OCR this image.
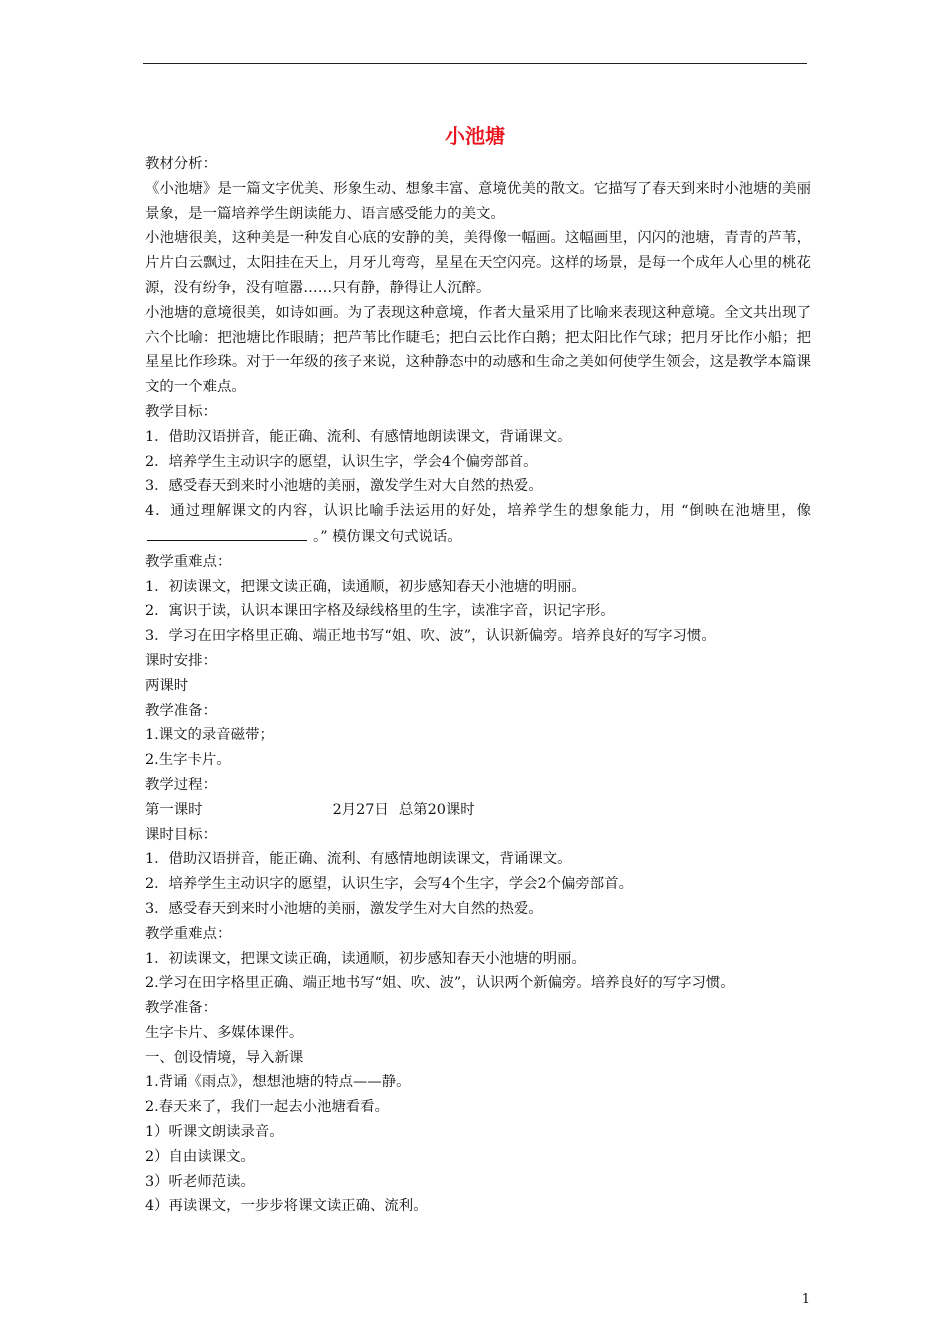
小池塘

教材分析：

《小池塘》是一篇文字优美、形象生动、想象丰富、意境优美的散文。它描写了春天到来时小池塘的美丽景象，是一篇培养学生朗读能力、语言感受能力的美文。

小池塘很美，这种美是一种发自心底的安静的美，美得像一幅画。这幅画里，闪闪的池塘，青青的芦苇，片片白云飘过，太阳挂在天上，月牙儿弯弯，星星在天空闪亮。这样的场景，是每一个成年人心里的桃花源，没有纷争，没有喧嚣……只有静，静得让人沉醉。

小池塘的意境很美，如诗如画。为了表现这种意境，作者大量采用了比喻来表现这种意境。全文共出现了六个比喻：把池塘比作眼睛；把芦苇比作睫毛；把白云比作白鹅；把太阳比作气球；把月牙比作小船；把星星比作珍珠。对于一年级的孩子来说，这种静态中的动感和生命之美如何使学生领会，这是教学本篇课文的一个难点。

教学目标：

1．借助汉语拼音，能正确、流利、有感情地朗读课文，背诵课文。

2．培养学生主动识字的愿望，认识生字，学会4个偏旁部首。

3．感受春天到来时小池塘的美丽，激发学生对大自然的热爱。

4．通过理解课文的内容，认识比喻手法运用的好处，培养学生的想象能力，用 “倒映在池塘里，像。” 模仿课文句式说话。

教学重难点：

1．初读课文，把课文读正确，读通顺，初步感知春天小池塘的明丽。

2．寓识于读，认识本课田字格及绿线格里的生字，读准字音，识记字形。

3．学习在田字格里正确、端正地书写“姐、吹、波”，认识新偏旁。培养良好的写字习惯。

课时安排：

两课时

教学准备：

1.课文的录音磁带；

2.生字卡片。

教学过程：

第一课时	2月27日 总第20课时

课时目标：

1．借助汉语拼音，能正确、流利、有感情地朗读课文，背诵课文。

2．培养学生主动识字的愿望，认识生字，会写4个生字，学会2个偏旁部首。

3．感受春天到来时小池塘的美丽，激发学生对大自然的热爱。

教学重难点：

1．初读课文，把课文读正确，读通顺，初步感知春天小池塘的明丽。

2.学习在田字格里正确、端正地书写“姐、吹、波”，认识两个新偏旁。培养良好的写字习惯。

教学准备：

生字卡片、多媒体课件。

一、创设情境，导入新课

1.背诵《雨点》，想想池塘的特点——静。

2.春天来了，我们一起去小池塘看看。

1）听课文朗读录音。

2）自由读课文。

3）听老师范读。

4）再读课文，一步步将课文读正确、流利。

1
